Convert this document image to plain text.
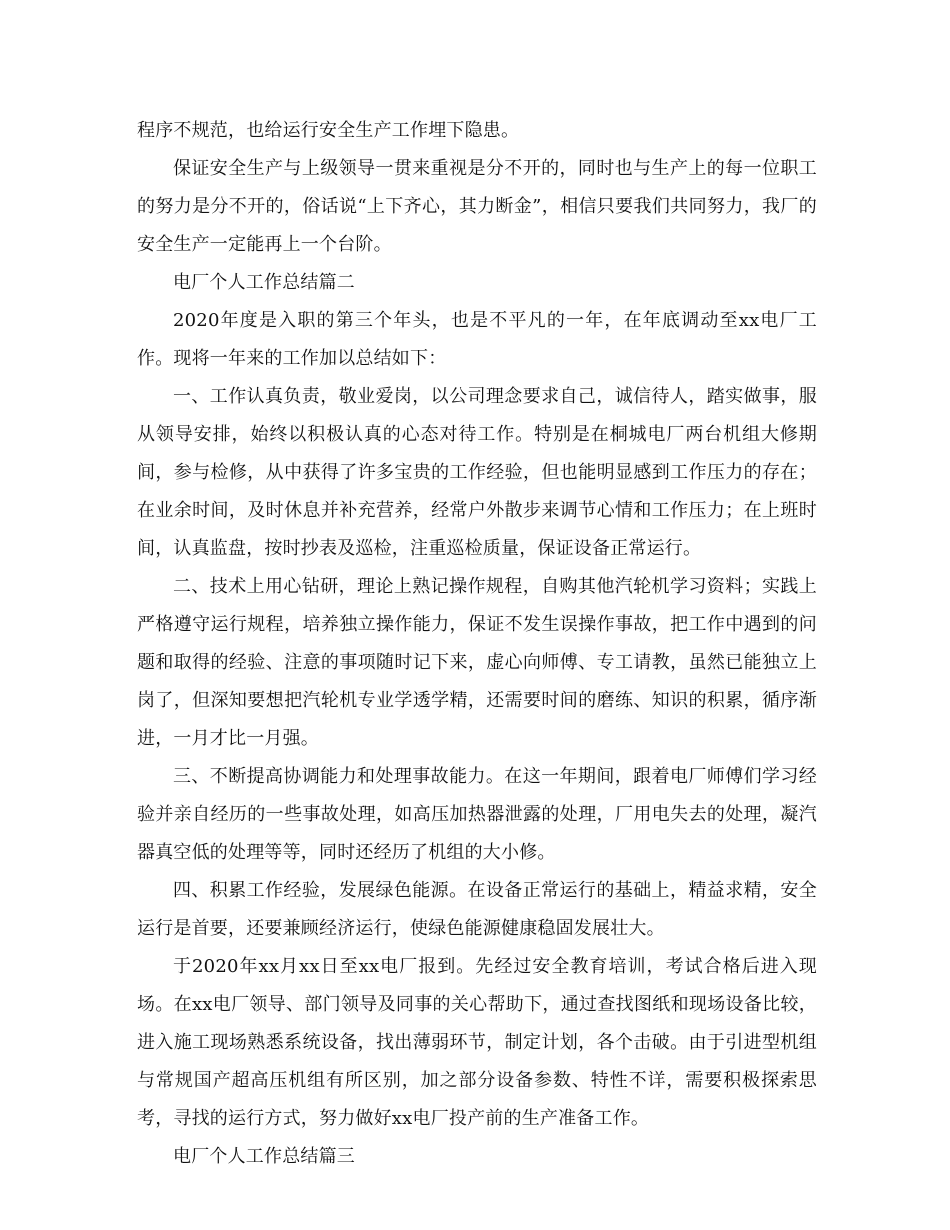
程序不规范，也给运行安全生产工作埋下隐患。

保证安全生产与上级领导一贯来重视是分不开的，同时也与生产上的每一位职工的努力是分不开的，俗话说“上下齐心，其力断金”，相信只要我们共同努力，我厂的安全生产一定能再上一个台阶。

电厂个人工作总结篇二

2020年度是入职的第三个年头，也是不平凡的一年，在年底调动至xx电厂工作。现将一年来的工作加以总结如下：

一、工作认真负责，敬业爱岗，以公司理念要求自己，诚信待人，踏实做事，服从领导安排，始终以积极认真的心态对待工作。特别是在桐城电厂两台机组大修期间，参与检修，从中获得了许多宝贵的工作经验，但也能明显感到工作压力的存在；在业余时间，及时休息并补充营养，经常户外散步来调节心情和工作压力；在上班时间，认真监盘，按时抄表及巡检，注重巡检质量，保证设备正常运行。

二、技术上用心钻研，理论上熟记操作规程，自购其他汽轮机学习资料；实践上严格遵守运行规程，培养独立操作能力，保证不发生误操作事故，把工作中遇到的问题和取得的经验、注意的事项随时记下来，虚心向师傅、专工请教，虽然已能独立上岗了，但深知要想把汽轮机专业学透学精，还需要时间的磨练、知识的积累，循序渐进，一月才比一月强。

三、不断提高协调能力和处理事故能力。在这一年期间，跟着电厂师傅们学习经验并亲自经历的一些事故处理，如高压加热器泄露的处理，厂用电失去的处理，凝汽器真空低的处理等等，同时还经历了机组的大小修。

四、积累工作经验，发展绿色能源。在设备正常运行的基础上，精益求精，安全运行是首要，还要兼顾经济运行，使绿色能源健康稳固发展壮大。

于2020年xx月xx日至xx电厂报到。先经过安全教育培训，考试合格后进入现场。在xx电厂领导、部门领导及同事的关心帮助下，通过查找图纸和现场设备比较，进入施工现场熟悉系统设备，找出薄弱环节，制定计划，各个击破。由于引进型机组与常规国产超高压机组有所区别，加之部分设备参数、特性不详，需要积极探索思考，寻找的运行方式，努力做好xx电厂投产前的生产准备工作。

电厂个人工作总结篇三
